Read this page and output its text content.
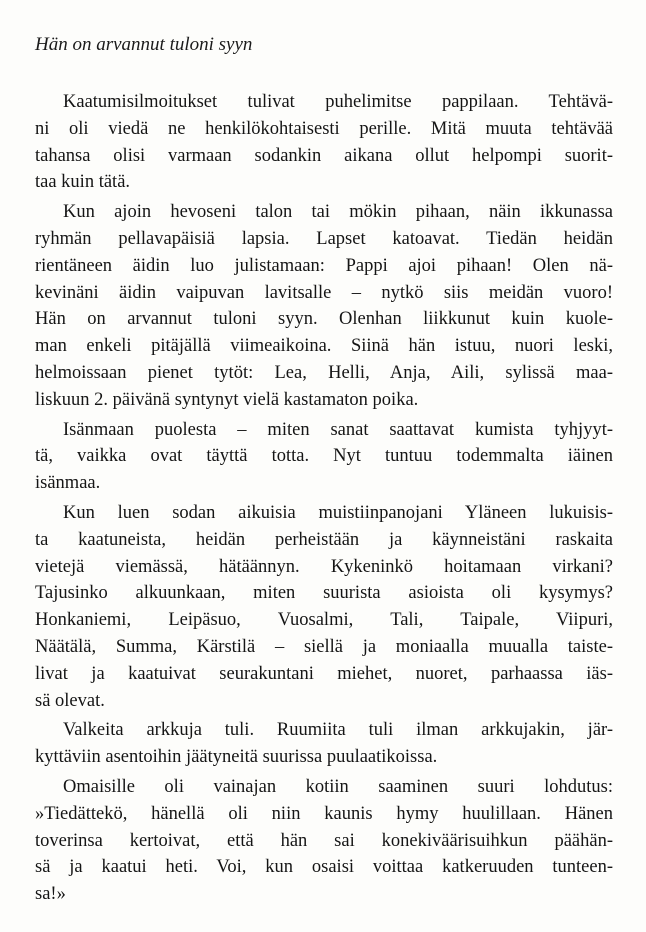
Hän on arvannut tuloni syyn
Kaatumisilmoitukset tulivat puhelimitse pappilaan. Tehtävä-
ni oli viedä ne henkilökohtaisesti perille. Mitä muuta tehtävää
tahansa olisi varmaan sodankin aikana ollut helpompi suorit-
taa kuin tätä.
Kun ajoin hevoseni talon tai mökin pihaan, näin ikkunassa
ryhmän pellavapäisiä lapsia. Lapset katoavat. Tiedän heidän
rientäneen äidin luo julistamaan: Pappi ajoi pihaan! Olen nä-
kevinäni äidin vaipuvan lavitsalle – nytkö siis meidän vuoro!
Hän on arvannut tuloni syyn. Olenhan liikkunut kuin kuole-
man enkeli pitäjällä viimeaikoina. Siinä hän istuu, nuori leski,
helmoissaan pienet tytöt: Lea, Helli, Anja, Aili, sylissä maa-
liskuun 2. päivänä syntynyt vielä kastamaton poika.
Isänmaan puolesta – miten sanat saattavat kumista tyhjyyt-
tä, vaikka ovat täyttä totta. Nyt tuntuu todemmalta iäinen
isänmaa.
Kun luen sodan aikuisia muistiinpanojani Yläneen lukuisis-
ta kaatuneista, heidän perheistään ja käynneistäni raskaita
vietejä viemässä, hätäännyn. Kykeninkö hoitamaan virkani?
Tajusinko alkuunkaan, miten suurista asioista oli kysymys?
Honkaniemi, Leipäsuo, Vuosalmi, Tali, Taipale, Viipuri,
Näätälä, Summa, Kärstilä – siellä ja moniaalla muualla taiste-
livat ja kaatuivat seurakuntani miehet, nuoret, parhaassa iäs-
sä olevat.
Valkeita arkkuja tuli. Ruumiita tuli ilman arkkujakin, jär-
kyttäviin asentoihin jäätyneitä suurissa puulaatikoissa.
Omaisille oli vainajan kotiin saaminen suuri lohdutus:
»Tiedättekö, hänellä oli niin kaunis hymy huulillaan. Hänen
toverinsa kertoivat, että hän sai konekiväärisuihkun päähän-
sä ja kaatui heti. Voi, kun osaisi voittaa katkeruuden tunteen-
sa!»
